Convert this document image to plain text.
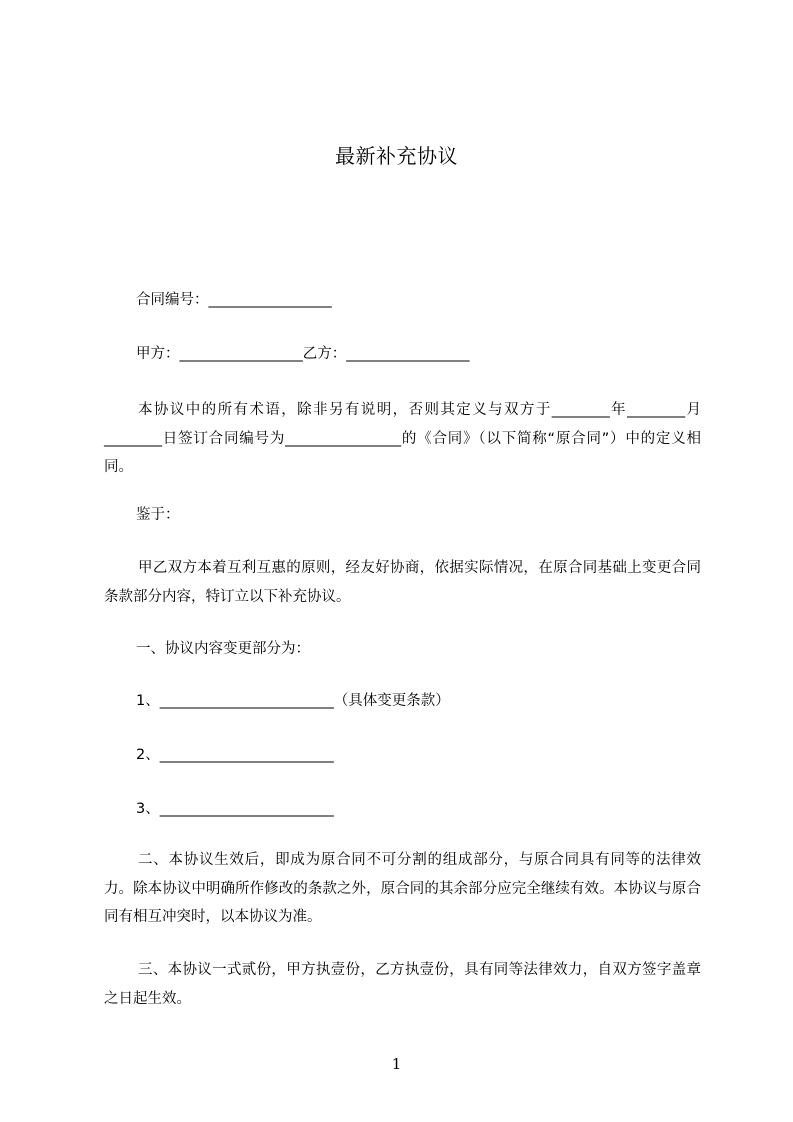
最新补充协议
合同编号：_________________
甲方：_________________乙方：_________________
本协议中的所有术语，除非另有说明，否则其定义与双方于________年________月________日签订合同编号为________________的《合同》（以下简称“原合同”）中的定义相同。
鉴于：
甲乙双方本着互利互惠的原则，经友好协商，依据实际情况，在原合同基础上变更合同条款部分内容，特订立以下补充协议。
一、协议内容变更部分为：
1、________________________（具体变更条款）
2、________________________
3、________________________
二、本协议生效后，即成为原合同不可分割的组成部分，与原合同具有同等的法律效力。除本协议中明确所作修改的条款之外，原合同的其余部分应完全继续有效。本协议与原合同有相互冲突时，以本协议为准。
三、本协议一式贰份，甲方执壹份，乙方执壹份，具有同等法律效力，自双方签字盖章之日起生效。
1
